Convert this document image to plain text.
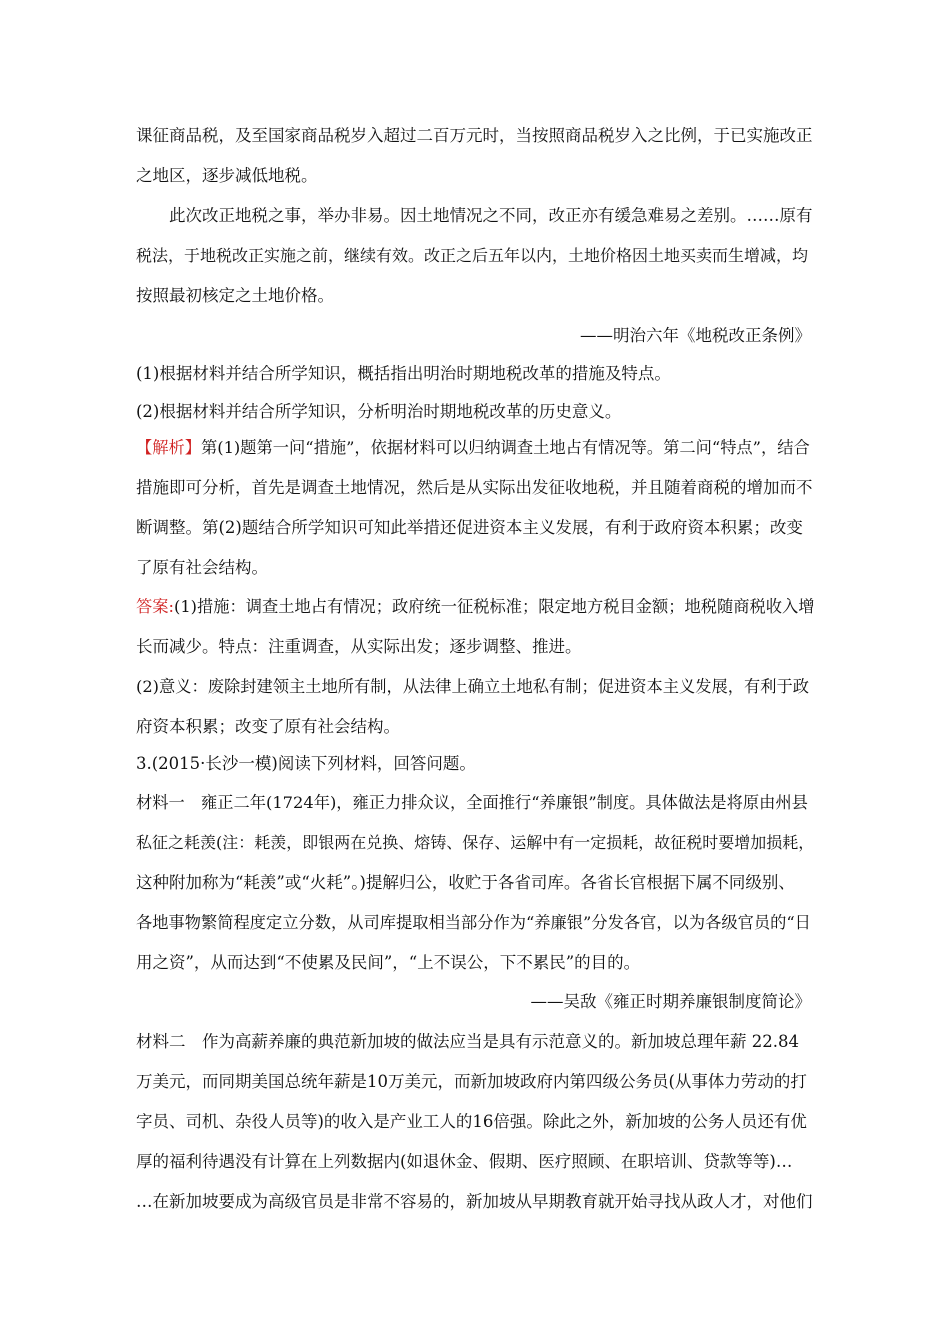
课征商品税，及至国家商品税岁入超过二百万元时，当按照商品税岁入之比例，于已实施改正
之地区，逐步减低地税。
此次改正地税之事，举办非易。因土地情况之不同，改正亦有缓急难易之差别。……原有
税法，于地税改正实施之前，继续有效。改正之后五年以内，土地价格因土地买卖而生增减，均
按照最初核定之土地价格。
——明治六年《地税改正条例》
(1)根据材料并结合所学知识，概括指出明治时期地税改革的措施及特点。
(2)根据材料并结合所学知识，分析明治时期地税改革的历史意义。
【解析】第(1)题第一问“措施”，依据材料可以归纳调查土地占有情况等。第二问“特点”，结合
措施即可分析，首先是调查土地情况，然后是从实际出发征收地税，并且随着商税的增加而不
断调整。第(2)题结合所学知识可知此举措还促进资本主义发展，有利于政府资本积累；改变
了原有社会结构。
答案:(1)措施：调查土地占有情况；政府统一征税标准；限定地方税目金额；地税随商税收入增
长而减少。特点：注重调查，从实际出发；逐步调整、推进。
(2)意义：废除封建领主土地所有制，从法律上确立土地私有制；促进资本主义发展，有利于政
府资本积累；改变了原有社会结构。
3.(2015·长沙一模)阅读下列材料，回答问题。
材料一　雍正二年(1724年)，雍正力排众议，全面推行“养廉银”制度。具体做法是将原由州县
私征之耗羡(注：耗羡，即银两在兑换、熔铸、保存、运解中有一定损耗，故征税时要增加损耗，
这种附加称为“耗羡”或“火耗”。)提解归公，收贮于各省司库。各省长官根据下属不同级别、
各地事物繁简程度定立分数，从司库提取相当部分作为“养廉银”分发各官，以为各级官员的“日
用之资”，从而达到“不使累及民间”，“上不误公，下不累民”的目的。
——吴敌《雍正时期养廉银制度简论》
材料二　作为高薪养廉的典范新加坡的做法应当是具有示范意义的。新加坡总理年薪 22.84
万美元，而同期美国总统年薪是10万美元，而新加坡政府内第四级公务员(从事体力劳动的打
字员、司机、杂役人员等)的收入是产业工人的16倍强。除此之外，新加坡的公务人员还有优
厚的福利待遇没有计算在上列数据内(如退休金、假期、医疗照顾、在职培训、贷款等等)…
…在新加坡要成为高级官员是非常不容易的，新加坡从早期教育就开始寻找从政人才，对他们
